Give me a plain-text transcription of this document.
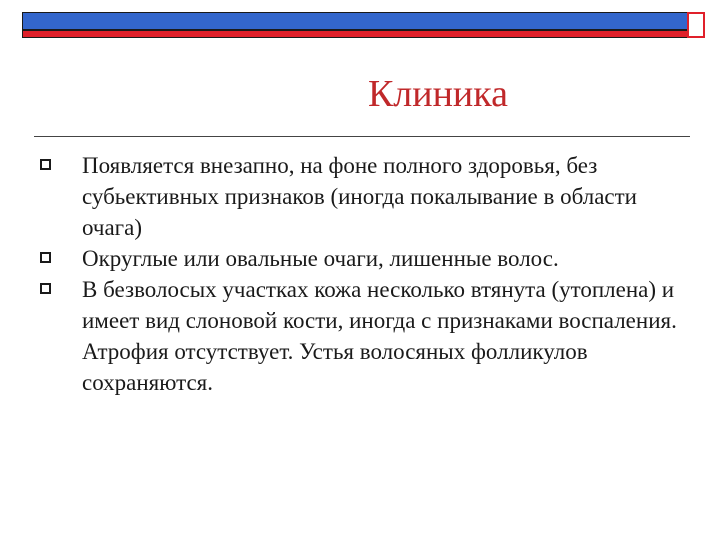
Клиника
Появляется внезапно, на фоне полного здоровья, без субьективных признаков (иногда покалывание в области очага)
Округлые или овальные очаги, лишенные волос.
В безволосых участках кожа несколько втянута (утоплена) и имеет вид слоновой кости, иногда с признаками воспаления. Атрофия отсутствует. Устья волосяных фолликулов сохраняются.
